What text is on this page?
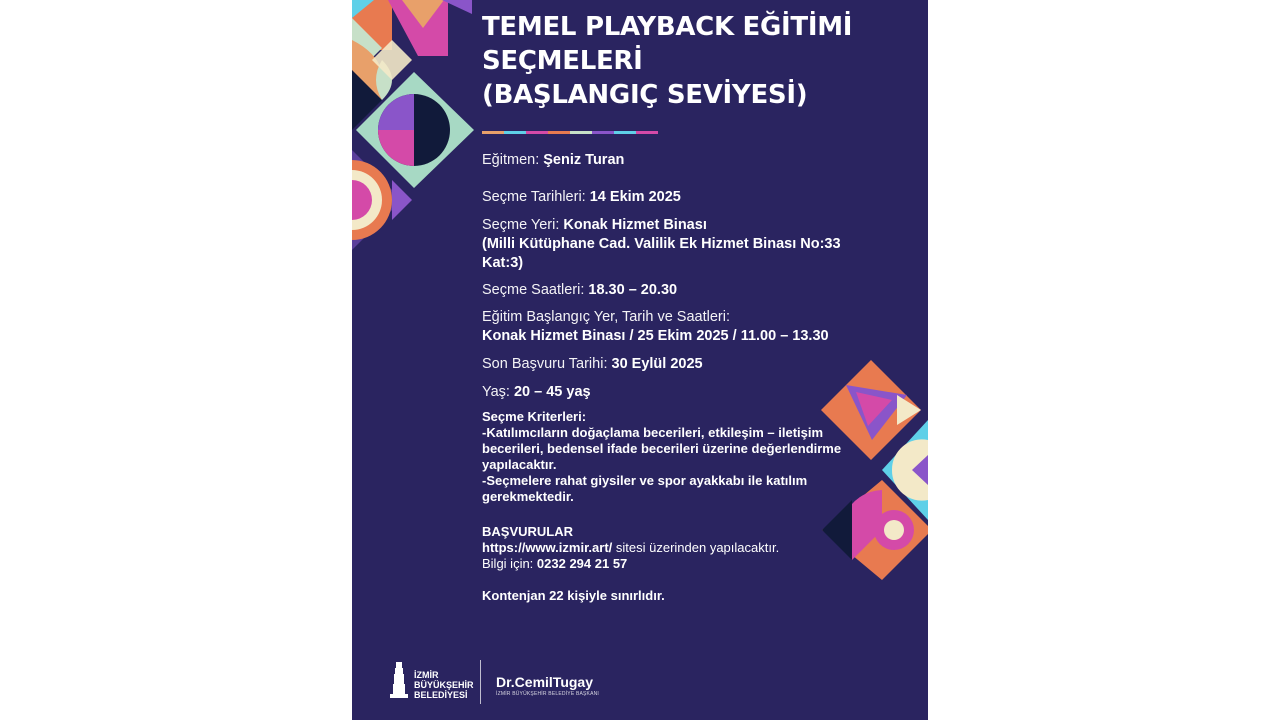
TEMEL PLAYBACK EĞİTİMİ
SEÇMELERİ
(BAŞLANGIÇ SEVİYESİ)
Eğitmen: Şeniz Turan
Seçme Tarihleri: 14 Ekim 2025
Seçme Yeri: Konak Hizmet Binası
(Milli Kütüphane Cad. Valilik Ek Hizmet Binası No:33
Kat:3)
Seçme Saatleri: 18.30 – 20.30
Eğitim Başlangıç Yer, Tarih ve Saatleri:
Konak Hizmet Binası / 25 Ekim 2025 / 11.00 – 13.30
Son Başvuru Tarihi: 30 Eylül 2025
Yaş: 20 – 45 yaş
Seçme Kriterleri:
-Katılımcıların doğaçlama becerileri, etkileşim – iletişim
becerileri, bedensel ifade becerileri üzerine değerlendirme
yapılacaktır.
-Seçmelere rahat giysiler ve spor ayakkabı ile katılım
gerekmektedir.
BAŞVURULAR
https://www.izmir.art/ sitesi üzerinden yapılacaktır.
Bilgi için: 0232 294 21 57
Kontenjan 22 kişiyle sınırlıdır.
İZMİR
BÜYÜKŞEHİR
BELEDİYESİ
Dr.CemilTugay
İZMİR BÜYÜKŞEHİR BELEDİYE BAŞKANI
